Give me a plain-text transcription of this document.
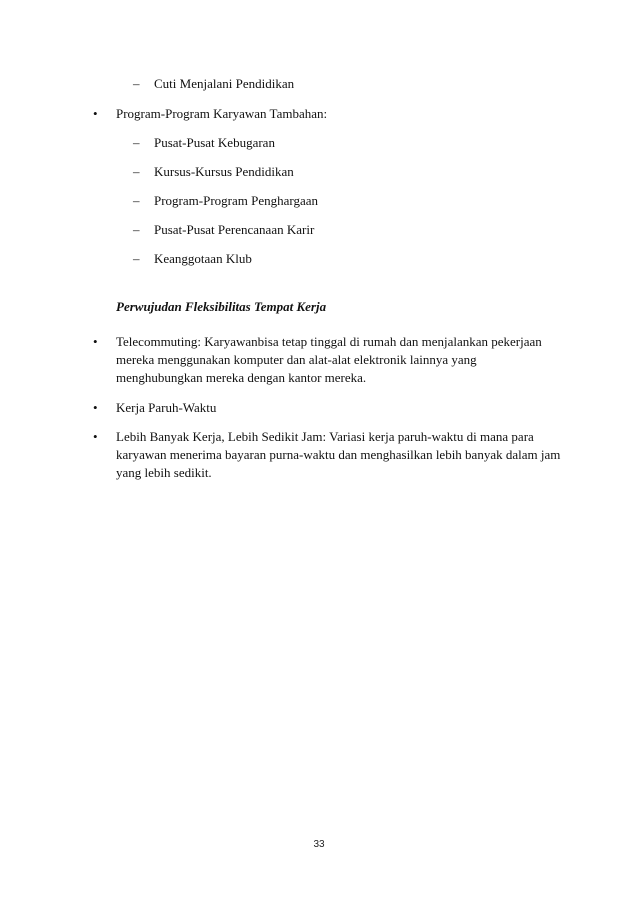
– Cuti Menjalani Pendidikan
• Program-Program Karyawan Tambahan:
– Pusat-Pusat Kebugaran
– Kursus-Kursus Pendidikan
– Program-Program Penghargaan
– Pusat-Pusat Perencanaan Karir
– Keanggotaan Klub
Perwujudan Fleksibilitas Tempat Kerja
• Telecommuting: Karyawanbisa tetap tinggal di rumah dan menjalankan pekerjaan
mereka menggunakan komputer dan alat-alat elektronik lainnya yang
menghubungkan mereka dengan kantor mereka.
• Kerja Paruh-Waktu
• Lebih Banyak Kerja, Lebih Sedikit Jam: Variasi kerja paruh-waktu di mana para
karyawan menerima bayaran purna-waktu dan menghasilkan lebih banyak dalam jam
yang lebih sedikit.
33
